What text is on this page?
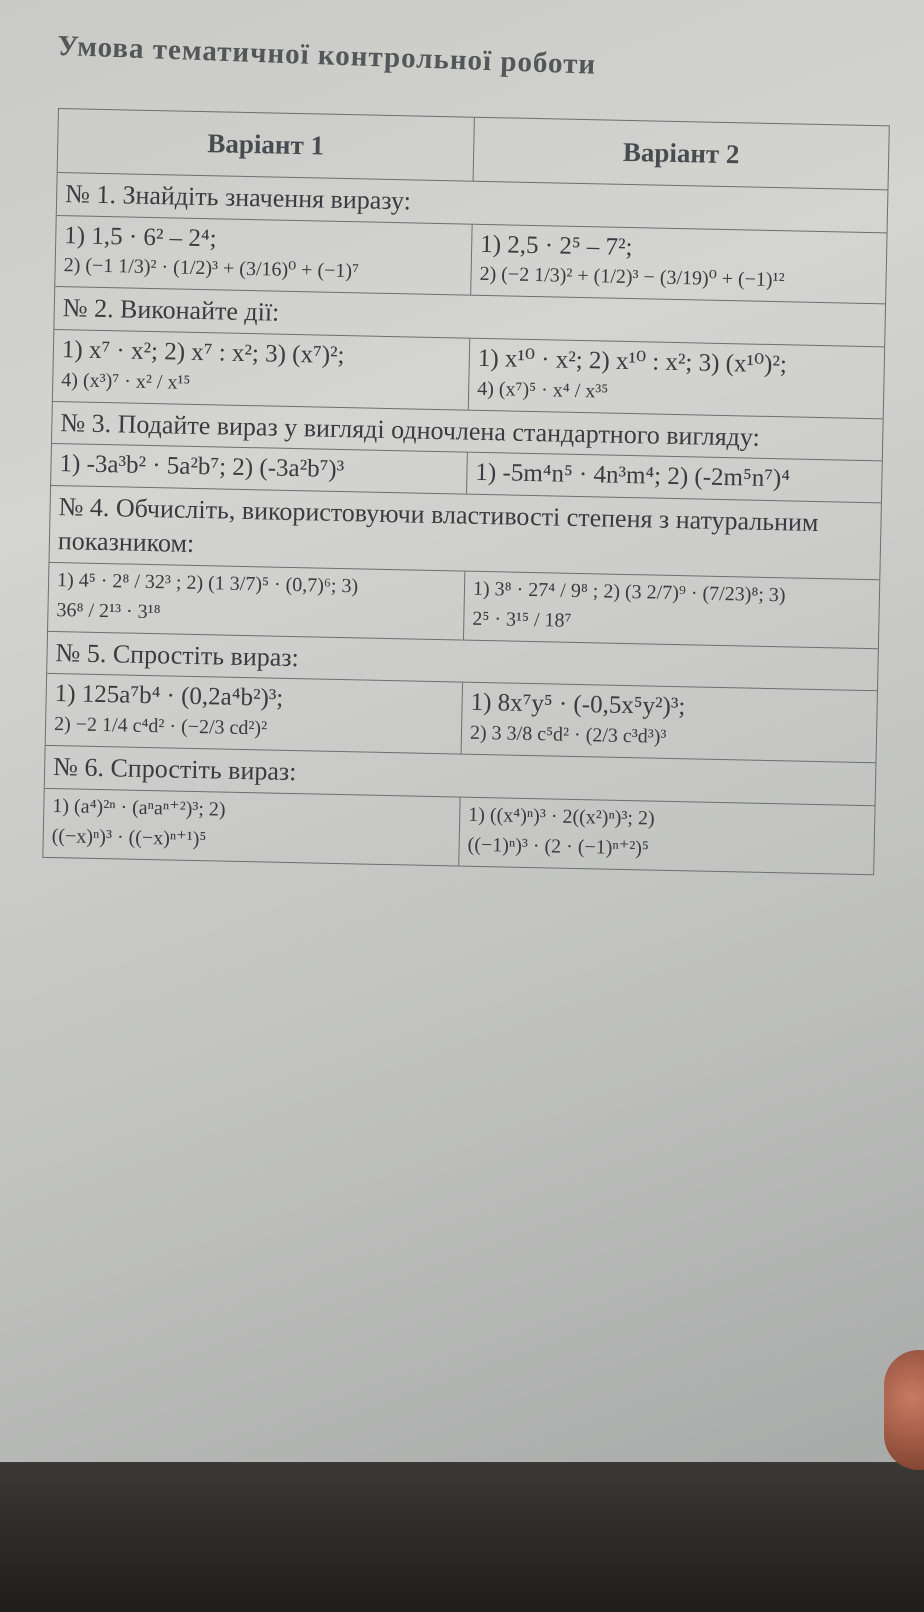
Умова тематичної контрольної роботи
Варіант 1	Варіант 2
№ 1. Знайдіть значення виразу:
1) 1,5 · 6² – 2⁴;
2) (−1 1/3)² · (1/2)³ + (3/16)⁰ + (−1)⁷
1) 2,5 · 2⁵ – 7²;
2) (−2 1/3)² + (1/2)³ − (3/19)⁰ + (−1)¹²
№ 2. Виконайте дії:
1) x⁷ · x²; 2) x⁷ : x²; 3) (x⁷)²;
4) (x³)⁷ · x² / x¹⁵
1) x¹⁰ · x²; 2) x¹⁰ : x²; 3) (x¹⁰)²;
4) (x⁷)⁵ · x⁴ / x³⁵
№ 3. Подайте вираз у вигляді одночлена стандартного вигляду:
1) -3a³b² · 5a²b⁷; 2) (-3a²b⁷)³	1) -5m⁴n⁵ · 4n³m⁴; 2) (-2m⁵n⁷)⁴
№ 4. Обчисліть, використовуючи властивості степеня з натуральним показником:
1) 4⁵ · 2⁸ / 32³ ; 2) (1 3/7)⁵ · (0,7)⁶; 3)
36⁸ / 2¹³ · 3¹⁸
1) 3⁸ · 27⁴ / 9⁸ ; 2) (3 2/7)⁹ · (7/23)⁸; 3)
2⁵ · 3¹⁵ / 18⁷
№ 5. Спростіть вираз:
1) 125a⁷b⁴ · (0,2a⁴b²)³;
2) −2 1/4 c⁴d² · (−2/3 cd²)²
1) 8x⁷y⁵ · (-0,5x⁵y²)³;
2) 3 3/8 c⁵d² · (2/3 c³d³)³
№ 6. Спростіть вираз:
1) (a⁴)²ⁿ · (aⁿaⁿ⁺²)³; 2)
((−x)ⁿ)³ · ((−x)ⁿ⁺¹)⁵
1) ((x⁴)ⁿ)³ · 2((x²)ⁿ)³; 2)
((−1)ⁿ)³ · (2 · (−1)ⁿ⁺²)⁵
